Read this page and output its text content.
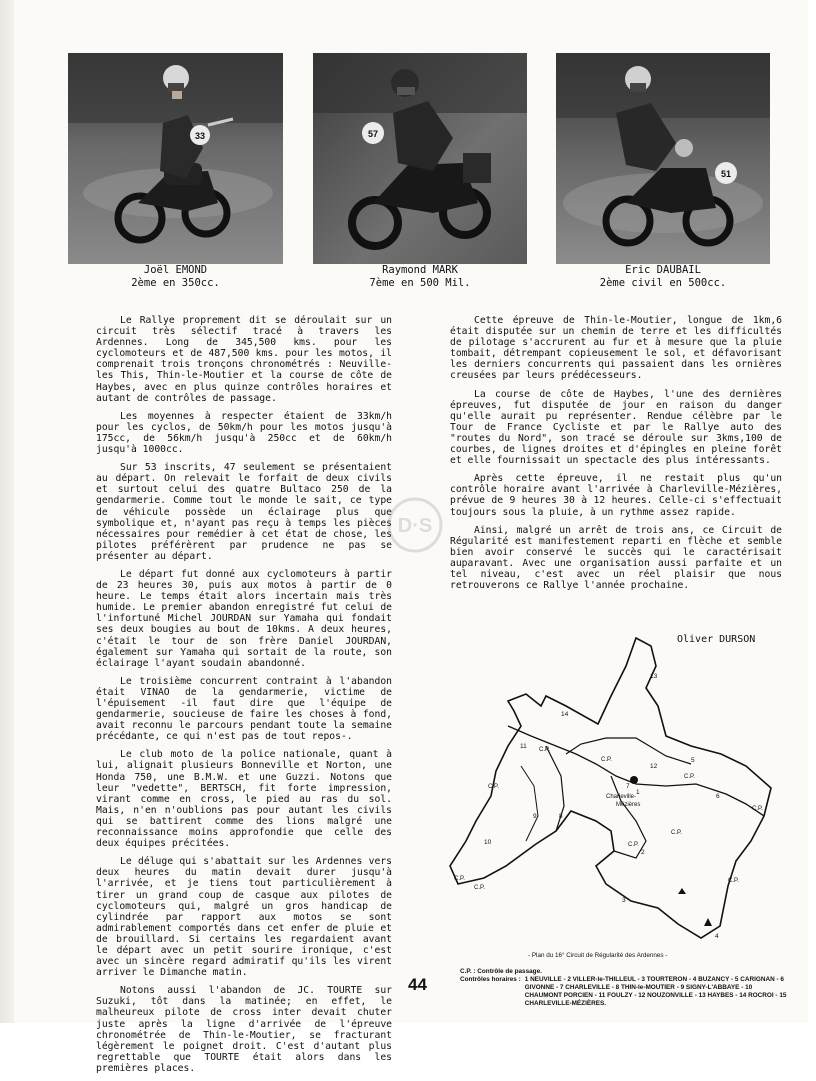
33
Joël EMOND
2ème en 350cc.
57
Raymond MARK
7ème en 500 Mil.
51
Eric DAUBAIL
2ème civil en 500cc.

Le Rallye proprement dit se déroulait sur un circuit très sélectif tracé à travers les Ardennes. Long de 345,500 kms. pour les cyclomoteurs et de 487,500 kms. pour les motos, il comprenait trois tronçons chronométrés : Neuville-les This, Thin-le-Moutier et la course de côte de Haybes, avec en plus quinze contrôles horaires et autant de contrôles de passage.

Les moyennes à respecter étaient de 33km/h pour les cyclos, de 50km/h pour les motos jusqu'à 175cc, de 56km/h jusqu'à 250cc et de 60km/h jusqu'à 1000cc.

Sur 53 inscrits, 47 seulement se présentaient au départ. On relevait le forfait de deux civils et surtout celui des quatre Bultaco 250 de la gendarmerie. Comme tout le monde le sait, ce type de véhicule possède un éclairage plus que symbolique et, n'ayant pas reçu à temps les pièces nécessaires pour remédier à cet état de chose, les pilotes préférèrent par prudence ne pas se présenter au départ.

Le départ fut donné aux cyclomoteurs à partir de 23 heures 30, puis aux motos à partir de 0 heure. Le temps était alors incertain mais très humide. Le premier abandon enregistré fut celui de l'infortuné Michel JOURDAN sur Yamaha qui fondait ses deux bougies au bout de 10kms. A deux heures, c'était le tour de son frère Daniel JOURDAN, également sur Yamaha qui sortait de la route, son éclairage l'ayant soudain abandonné.

Le troisième concurrent contraint à l'abandon était VINAO de la gendarmerie, victime de l'épuisement -il faut dire que l'équipe de gendarmerie, soucieuse de faire les choses à fond, avait reconnu le parcours pendant toute la semaine précédante, ce qui n'est pas de tout repos-.

Le club moto de la police nationale, quant à lui, alignait plusieurs Bonneville et Norton, une Honda 750, une B.M.W. et une Guzzi. Notons que leur "vedette", BERTSCH, fit forte impression, virant comme en cross, le pied au ras du sol. Mais, n'en n'oublions pas pour autant les civils qui se battirent comme des lions malgré une reconnaissance moins approfondie que celle des deux équipes précitées.

Le déluge qui s'abattait sur les Ardennes vers deux heures du matin devait durer jusqu'à l'arrivée, et je tiens tout particulièrement à tirer un grand coup de casque aux pilotes de cyclomoteurs qui, malgré un gros handicap de cylindrée par rapport aux motos se sont admirablement comportés dans cet enfer de pluie et de brouillard. Si certains les regardaient avant le départ avec un petit sourire ironique, c'est avec un sincère regard admiratif qu'ils les virent arriver le Dimanche matin.

Notons aussi l'abandon de JC. TOURTE sur Suzuki, tôt dans la matinée; en effet, le malheureux pilote de cross inter devait chuter juste après la ligne d'arrivée de l'épreuve chronométrée de Thin-le-Moutier, se fracturant légèrement le poignet droit. C'est d'autant plus regrettable que TOURTE était alors dans les premières places.

Cette épreuve de Thin-le-Moutier, longue de 1km,6 était disputée sur un chemin de terre et les difficultés de pilotage s'accrurent au fur et à mesure que la pluie tombait, détrempant copieusement le sol, et défavorisant les derniers concurrents qui passaient dans les ornières creusées par leurs prédécesseurs.

La course de côte de Haybes, l'une des dernières épreuves, fut disputée de jour en raison du danger qu'elle aurait pu représenter. Rendue célèbre par le Tour de France Cycliste et par le Rallye auto des "routes du Nord", son tracé se déroule sur 3kms,100 de courbes, de lignes droites et d'épingles en pleine forêt et elle fournissait un spectacle des plus intéressants.

Après cette épreuve, il ne restait plus qu'un contrôle horaire avant l'arrivée à Charleville-Mézières, prévue de 9 heures 30 à 12 heures. Celle-ci s'effectuait toujours sous la pluie, à un rythme assez rapide.

Ainsi, malgré un arrêt de trois ans, ce Circuit de Régularité est manifestement reparti en flèche et semble bien avoir conservé le succès qui le caractérisait auparavant. Avec une organisation aussi parfaite et un tel niveau, c'est avec un réel plaisir que nous retrouverons ce Rallye l'année prochaine.

D·S
Oliver DURSON
Charleville-
Mézières
13
14
11
12
9	8
10
6
5
7
2
3
4
1
C.P.
C.P.
C.P.
C.P.
C.P.
C.P.
C.P.
C.P.
C.P.
C.P.
- Plan du 16° Circuit de Régularité des Ardennes -
C.P. : Contrôle de passage.
Contrôles horaires : 1 NEUVILLE - 2 VILLER-le-THILLEUL - 3 TOURTERON - 4 BUZANCY - 5 CARIGNAN - 6 GIVONNE - 7 CHARLEVILLE - 8 THIN-le-MOUTIER - 9 SIGNY-L'ABBAYE - 10 CHAUMONT PORCIEN - 11 FOULZY - 12 NOUZONVILLE - 13 HAYBES - 14 ROCROI - 15 CHARLEVILLE-MÉZIÈRES.
44
